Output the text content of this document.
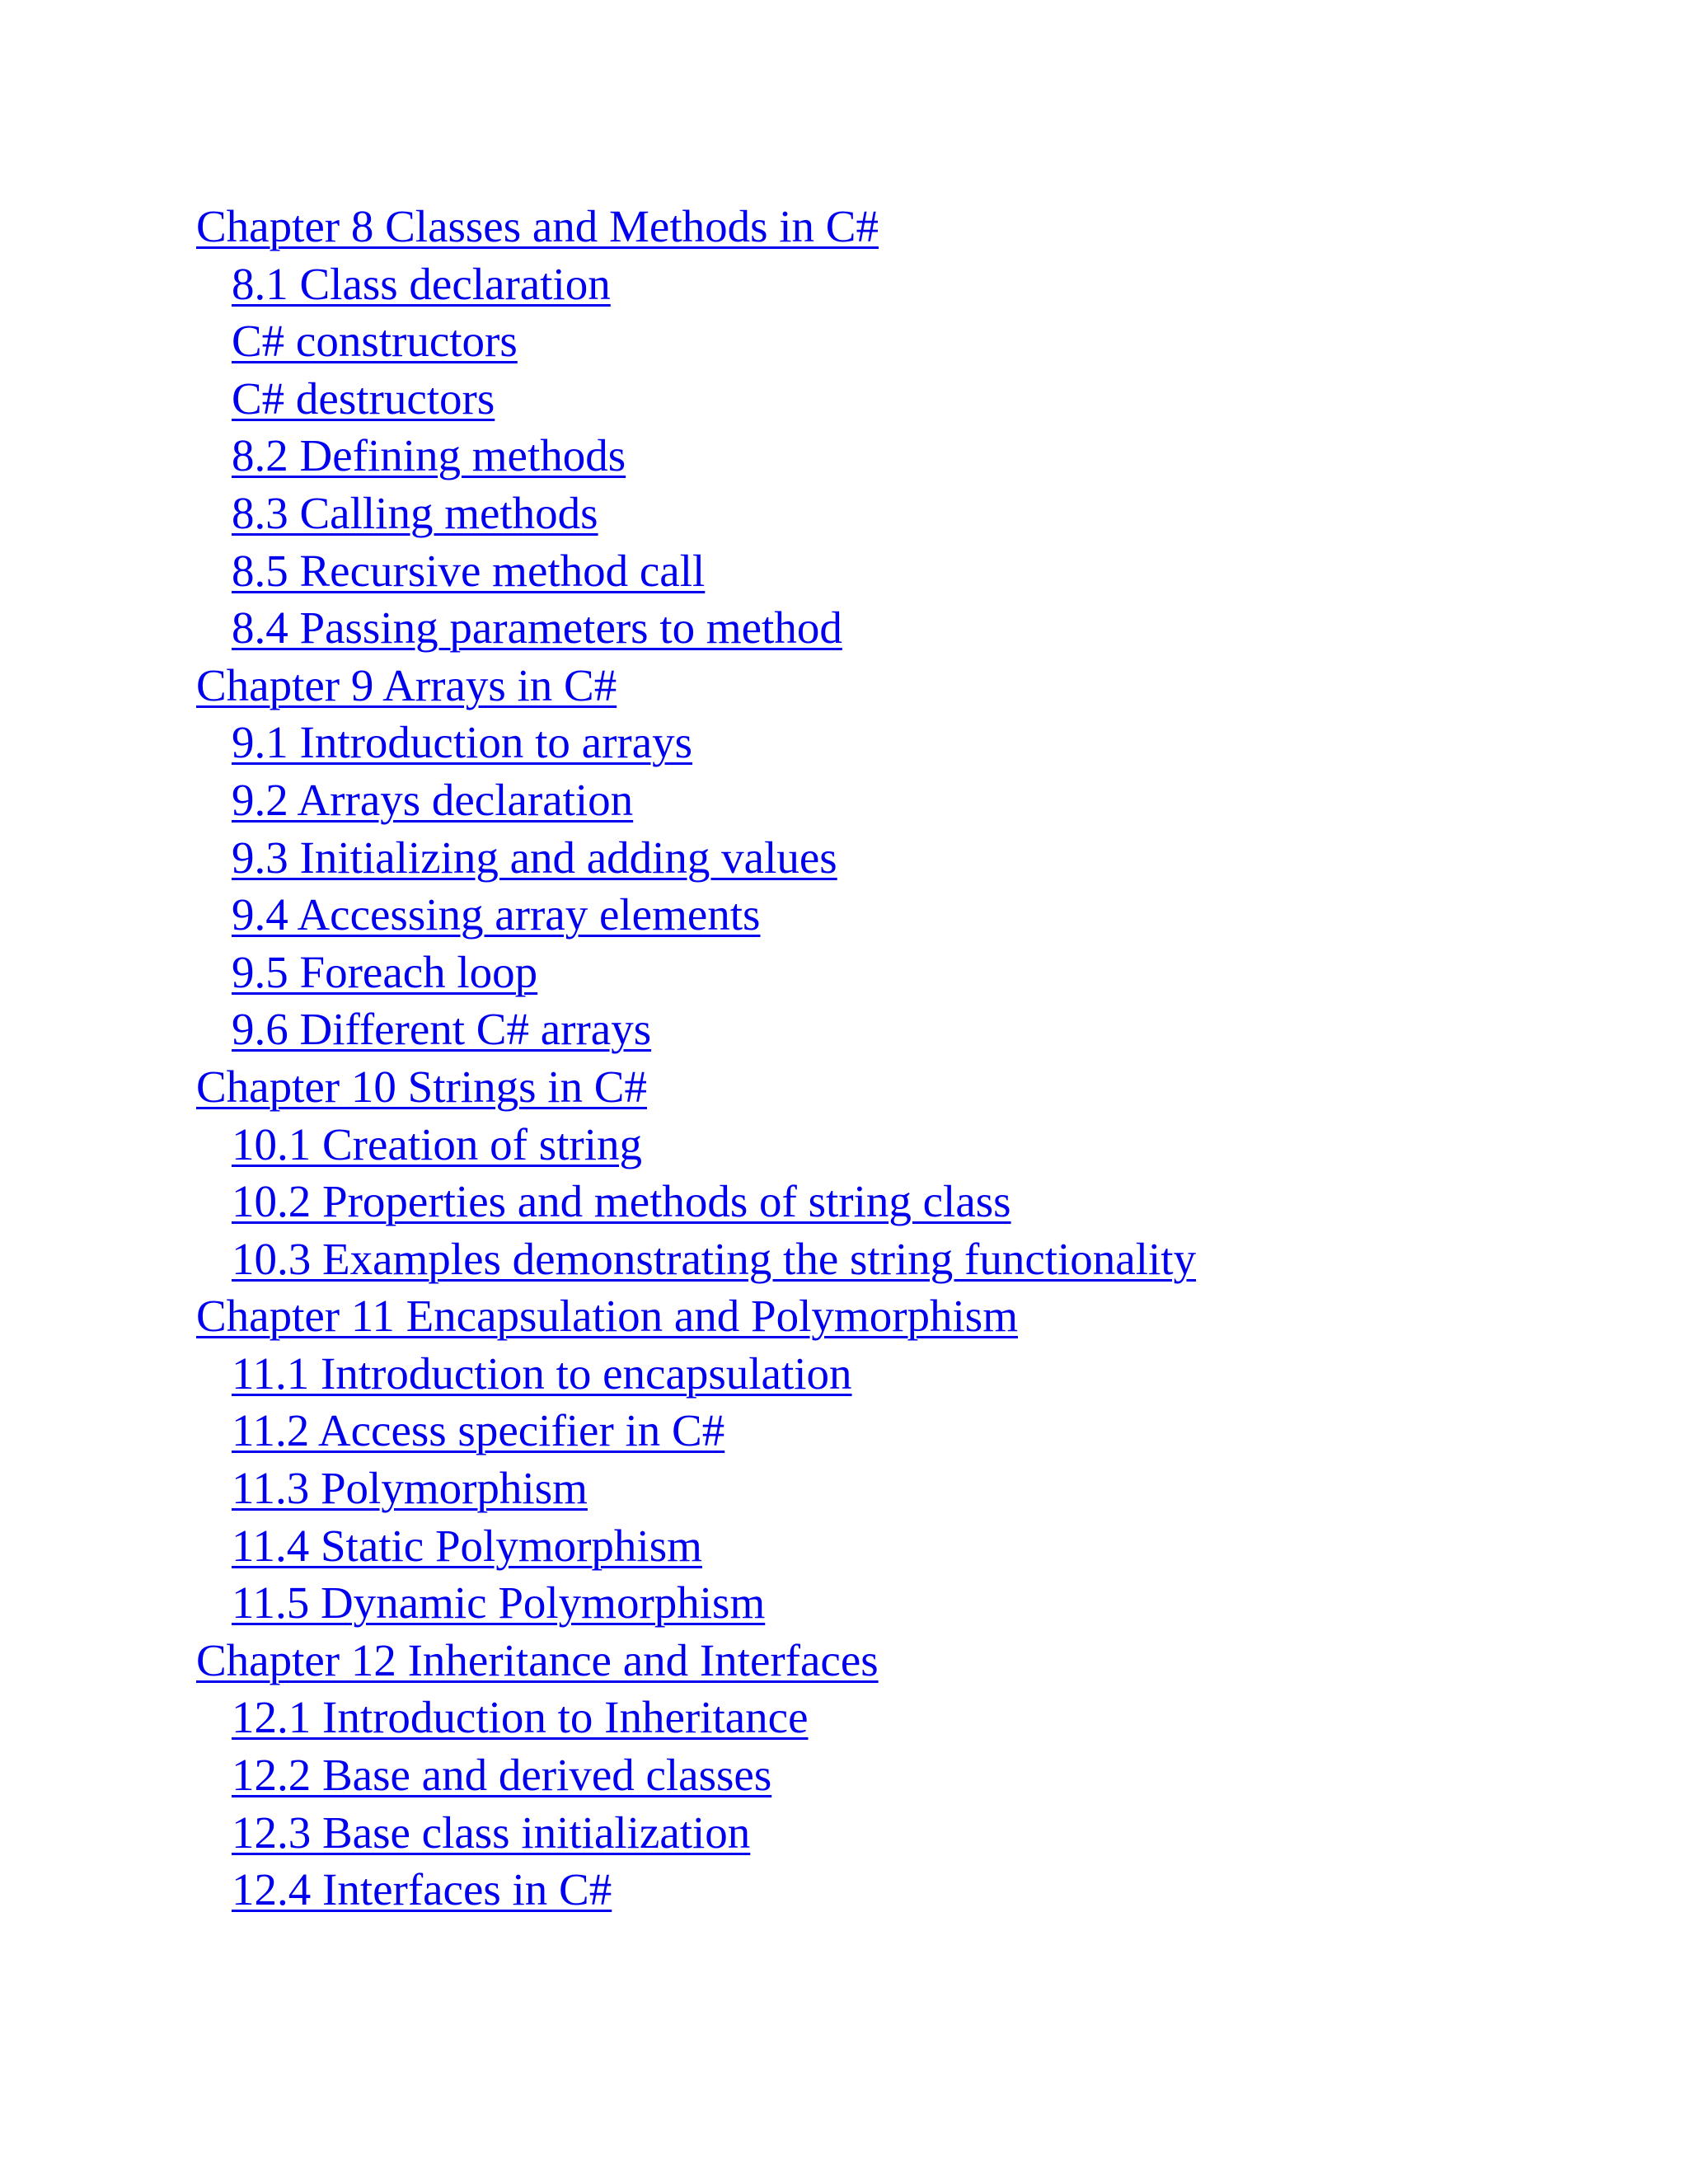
Chapter 8 Classes and Methods in C#
8.1 Class declaration
C# constructors
C# destructors
8.2 Defining methods
8.3 Calling methods
8.5 Recursive method call
8.4 Passing parameters to method
Chapter 9 Arrays in C#
9.1 Introduction to arrays
9.2 Arrays declaration
9.3 Initializing and adding values
9.4 Accessing array elements
9.5 Foreach loop
9.6 Different C# arrays
Chapter 10 Strings in C#
10.1 Creation of string
10.2 Properties and methods of string class
10.3 Examples demonstrating the string functionality
Chapter 11 Encapsulation and Polymorphism
11.1 Introduction to encapsulation
11.2 Access specifier in C#
11.3 Polymorphism
11.4 Static Polymorphism
11.5 Dynamic Polymorphism
Chapter 12 Inheritance and Interfaces
12.1 Introduction to Inheritance
12.2 Base and derived classes
12.3 Base class initialization
12.4 Interfaces in C#
